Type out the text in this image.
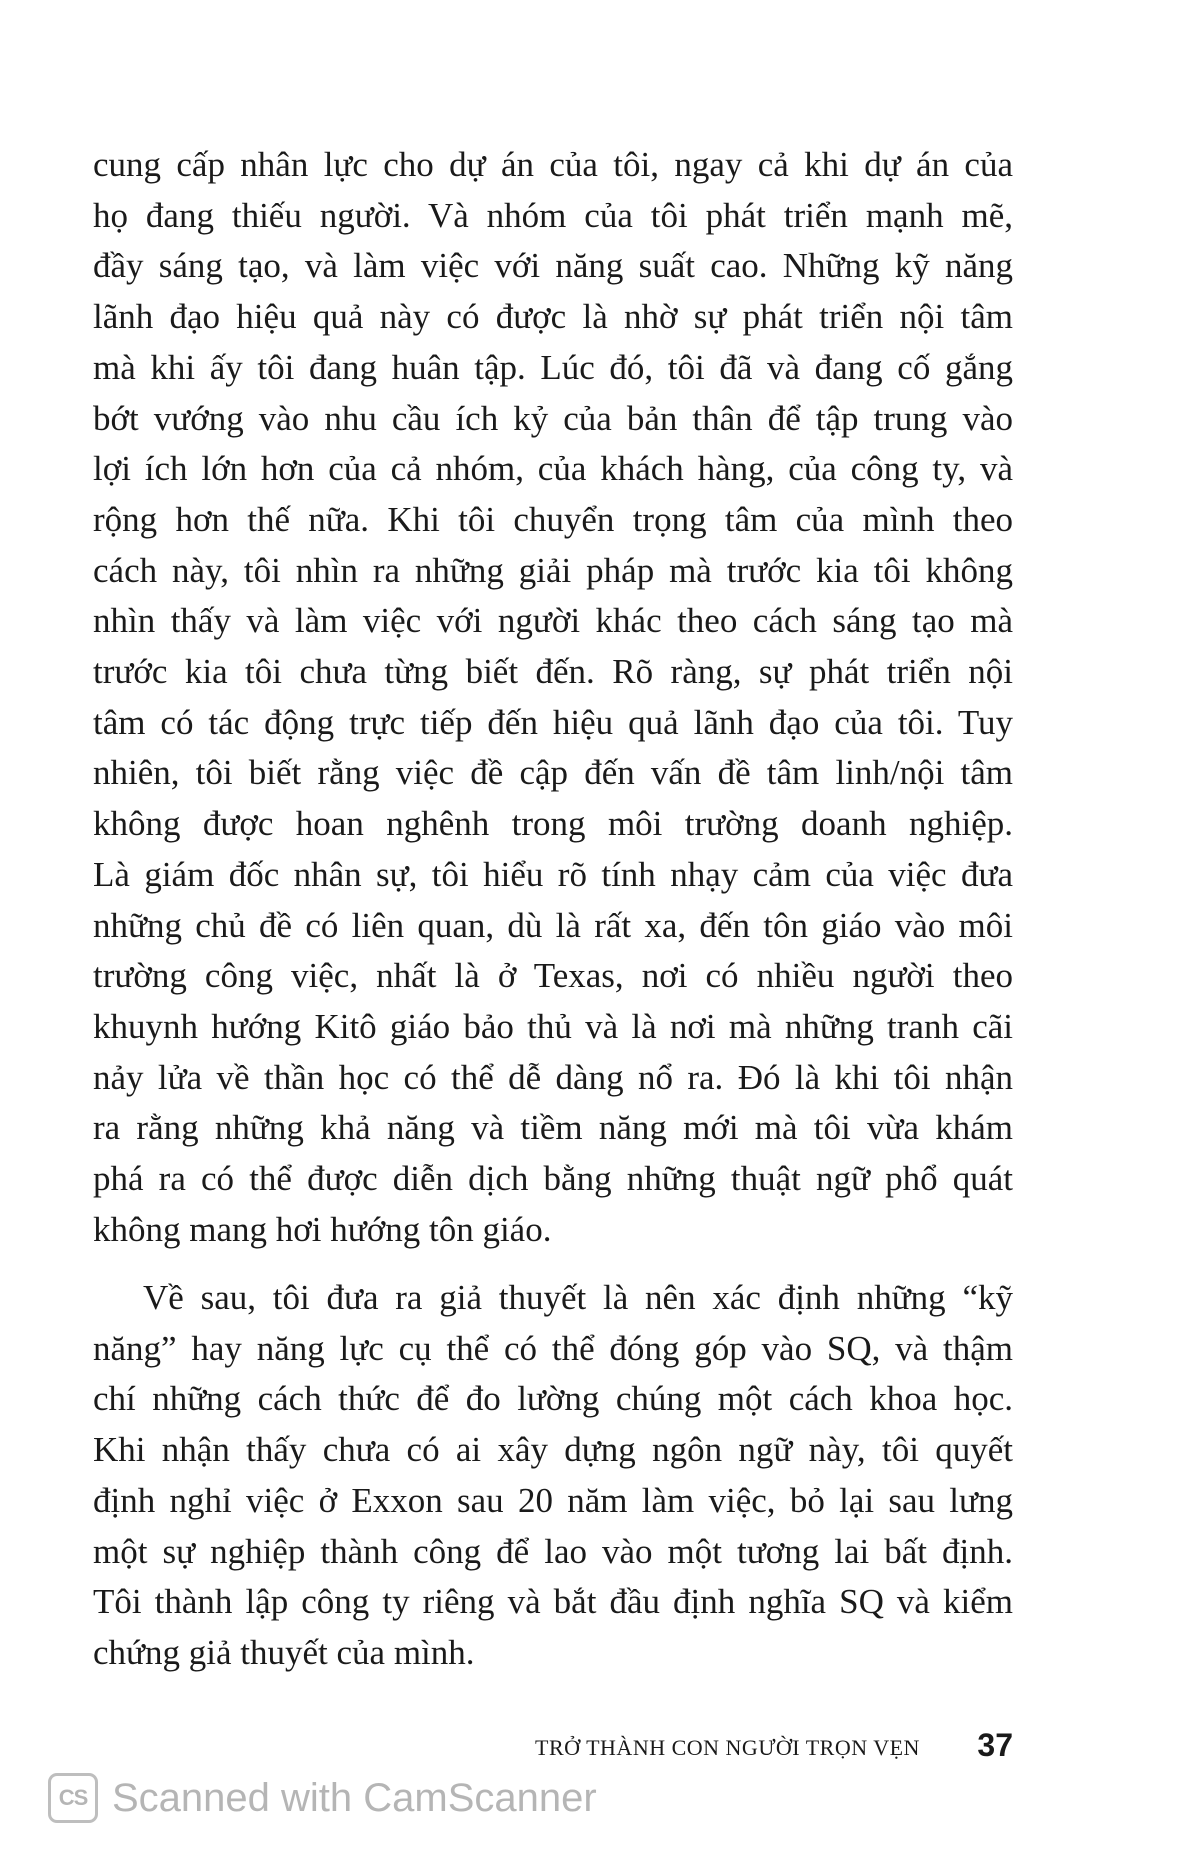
cung cấp nhân lực cho dự án của tôi, ngay cả khi dự án của
họ đang thiếu người. Và nhóm của tôi phát triển mạnh mẽ,
đầy sáng tạo, và làm việc với năng suất cao. Những kỹ năng
lãnh đạo hiệu quả này có được là nhờ sự phát triển nội tâm
mà khi ấy tôi đang huân tập. Lúc đó, tôi đã và đang cố gắng
bớt vướng vào nhu cầu ích kỷ của bản thân để tập trung vào
lợi ích lớn hơn của cả nhóm, của khách hàng, của công ty, và
rộng hơn thế nữa. Khi tôi chuyển trọng tâm của mình theo
cách này, tôi nhìn ra những giải pháp mà trước kia tôi không
nhìn thấy và làm việc với người khác theo cách sáng tạo mà
trước kia tôi chưa từng biết đến. Rõ ràng, sự phát triển nội
tâm có tác động trực tiếp đến hiệu quả lãnh đạo của tôi. Tuy
nhiên, tôi biết rằng việc đề cập đến vấn đề tâm linh/nội tâm
không được hoan nghênh trong môi trường doanh nghiệp.
Là giám đốc nhân sự, tôi hiểu rõ tính nhạy cảm của việc đưa
những chủ đề có liên quan, dù là rất xa, đến tôn giáo vào môi
trường công việc, nhất là ở Texas, nơi có nhiều người theo
khuynh hướng Kitô giáo bảo thủ và là nơi mà những tranh cãi
nảy lửa về thần học có thể dễ dàng nổ ra. Đó là khi tôi nhận
ra rằng những khả năng và tiềm năng mới mà tôi vừa khám
phá ra có thể được diễn dịch bằng những thuật ngữ phổ quát
không mang hơi hướng tôn giáo.
Về sau, tôi đưa ra giả thuyết là nên xác định những “kỹ
năng” hay năng lực cụ thể có thể đóng góp vào SQ, và thậm
chí những cách thức để đo lường chúng một cách khoa học.
Khi nhận thấy chưa có ai xây dựng ngôn ngữ này, tôi quyết
định nghỉ việc ở Exxon sau 20 năm làm việc, bỏ lại sau lưng
một sự nghiệp thành công để lao vào một tương lai bất định.
Tôi thành lập công ty riêng và bắt đầu định nghĩa SQ và kiểm
chứng giả thuyết của mình.
TRỞ THÀNH CON NGƯỜI TRỌN VẸN 37
CS Scanned with CamScanner
